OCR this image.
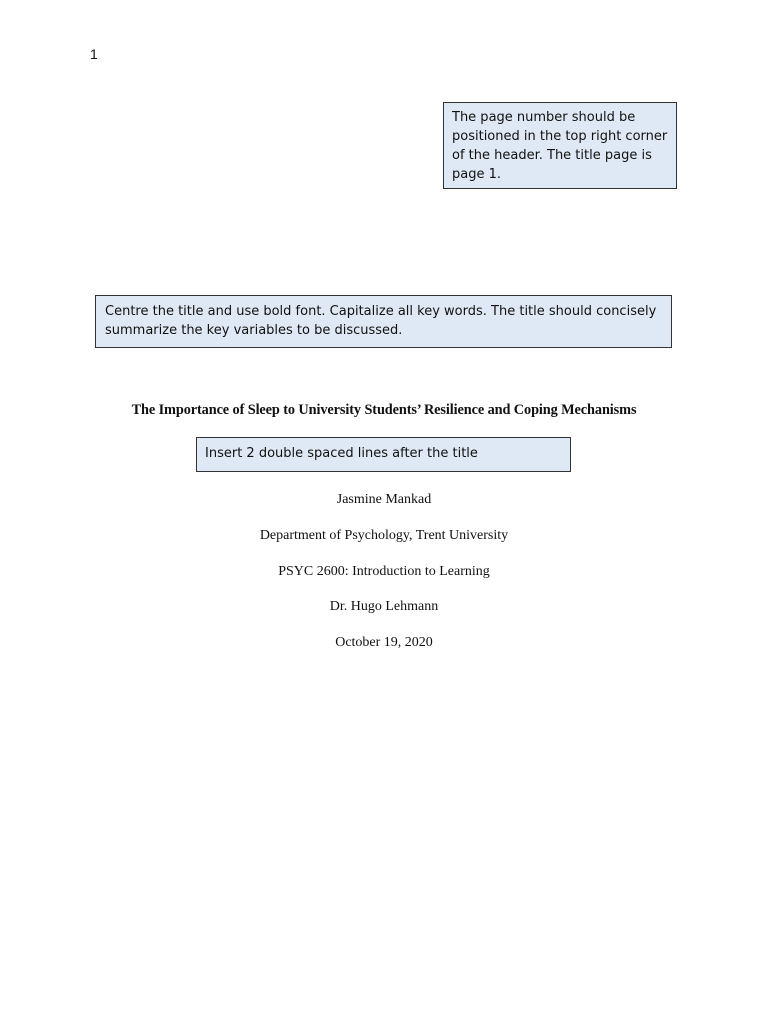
1
The page number should be positioned in the top right corner of the header. The title page is page 1.
Centre the title and use bold font. Capitalize all key words. The title should concisely summarize the key variables to be discussed.
The Importance of Sleep to University Students’ Resilience and Coping Mechanisms
Insert 2 double spaced lines after the title
Jasmine Mankad
Department of Psychology, Trent University
PSYC 2600: Introduction to Learning
Dr. Hugo Lehmann
October 19, 2020
